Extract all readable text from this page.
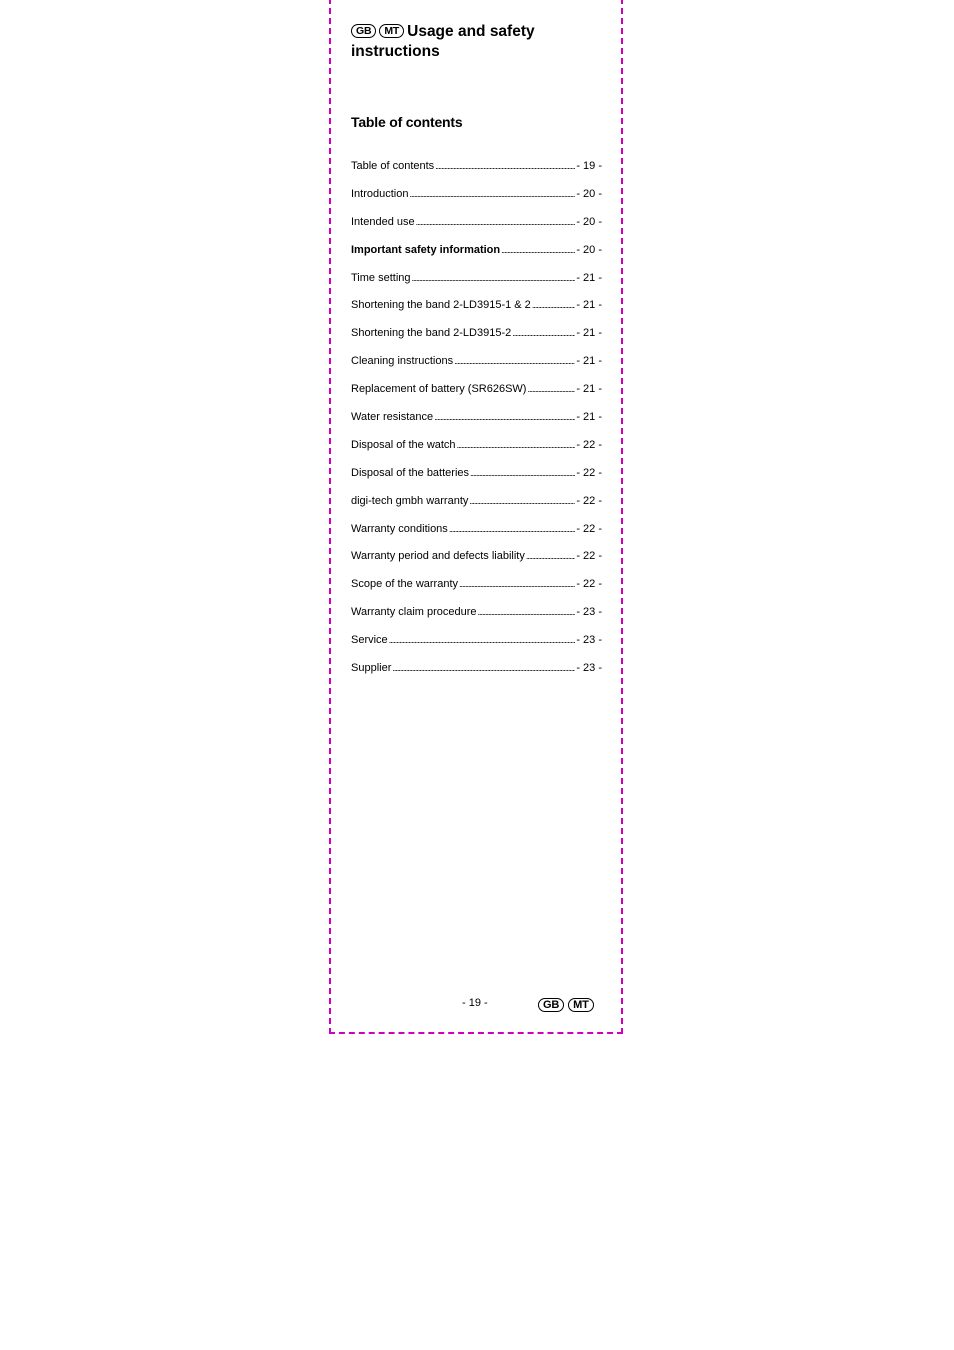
GB MT Usage and safety instructions
Table of contents
Table of contents .....	- 19 -
Introduction .....	- 20 -
Intended use .....	- 20 -
Important safety information .....	- 20 -
Time setting .....	- 21 -
Shortening the band 2-LD3915-1 & 2 .....	- 21 -
Shortening the band 2-LD3915-2 .....	- 21 -
Cleaning instructions .....	- 21 -
Replacement of battery (SR626SW) .....	- 21 -
Water resistance .....	- 21 -
Disposal of the watch .....	- 22 -
Disposal of the batteries .....	- 22 -
digi-tech gmbh warranty .....	- 22 -
Warranty conditions .....	- 22 -
Warranty period and defects liability .....	- 22 -
Scope of the warranty .....	- 22 -
Warranty claim procedure .....	- 23 -
Service .....	- 23 -
Supplier .....	- 23 -
- 19 -	GB MT
